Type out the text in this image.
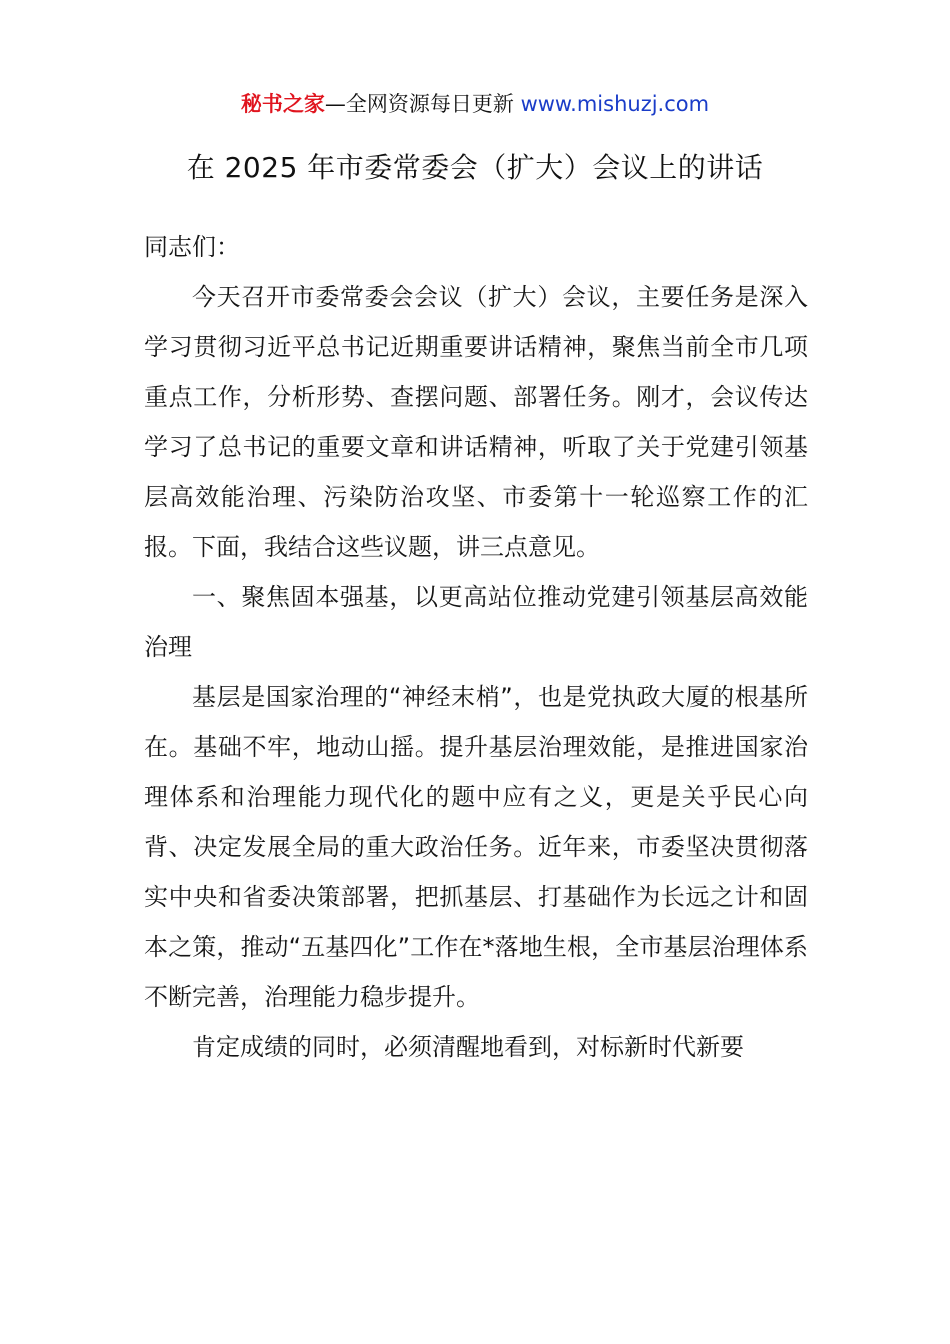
秘书之家—全网资源每日更新 www.mishuzj.com
在 2025 年市委常委会（扩大）会议上的讲话

同志们：

今天召开市委常委会会议（扩大）会议，主要任务是深入学习贯彻习近平总书记近期重要讲话精神，聚焦当前全市几项重点工作，分析形势、查摆问题、部署任务。刚才，会议传达学习了总书记的重要文章和讲话精神，听取了关于党建引领基层高效能治理、污染防治攻坚、市委第十一轮巡察工作的汇报。下面，我结合这些议题，讲三点意见。

一、聚焦固本强基，以更高站位推动党建引领基层高效能治理

基层是国家治理的“神经末梢”，也是党执政大厦的根基所在。基础不牢，地动山摇。提升基层治理效能，是推进国家治理体系和治理能力现代化的题中应有之义，更是关乎民心向背、决定发展全局的重大政治任务。近年来，市委坚决贯彻落实中央和省委决策部署，把抓基层、打基础作为长远之计和固本之策，推动“五基四化”工作在*落地生根，全市基层治理体系不断完善，治理能力稳步提升。

肯定成绩的同时，必须清醒地看到，对标新时代新要
